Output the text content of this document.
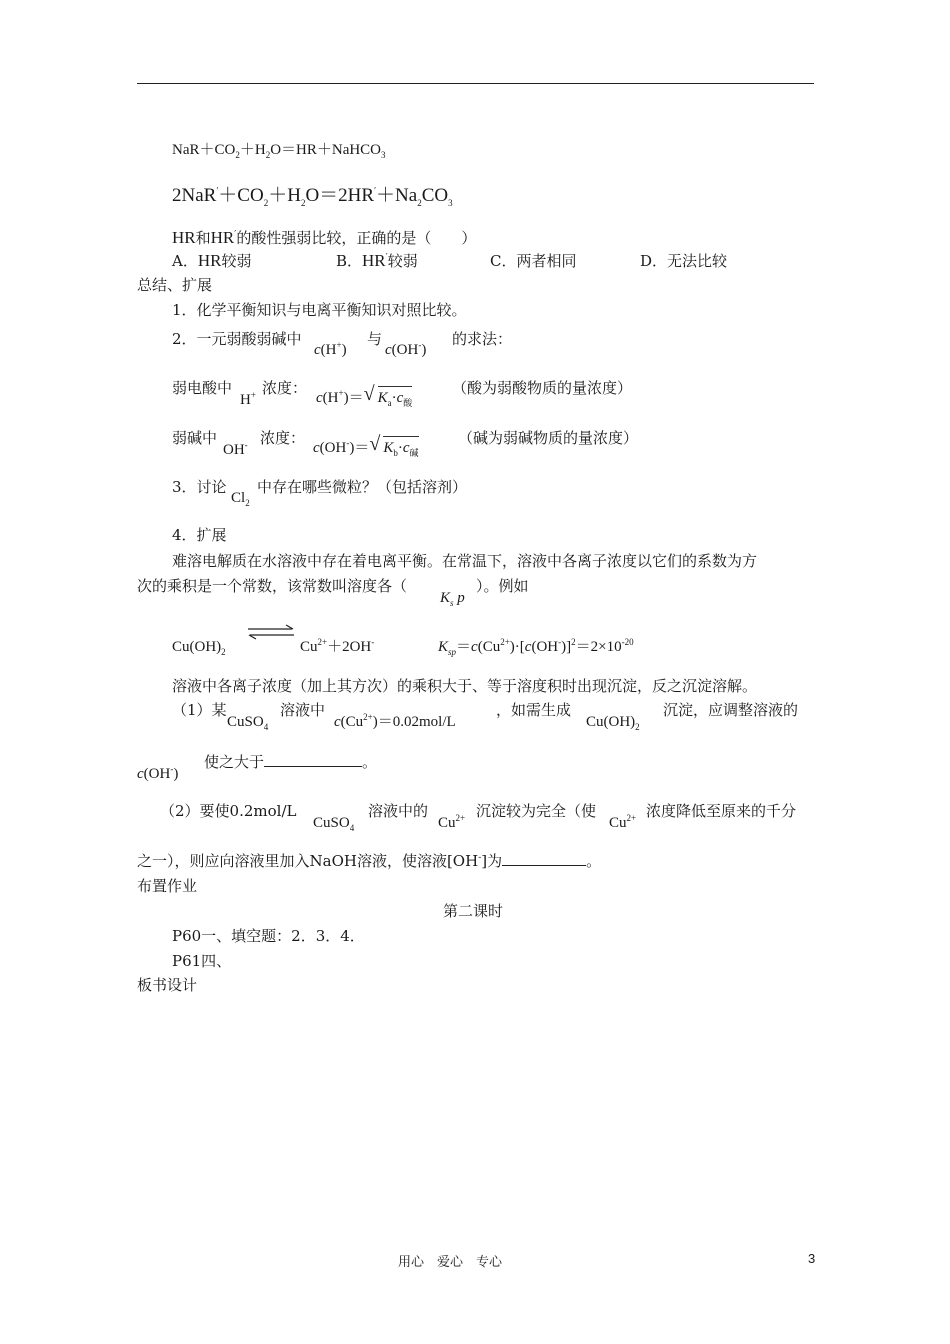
$NaR+CO_2+H_2O=HR+NaHCO_3$
$2NaR'+CO_2+H_2O=2HR'+Na_2CO_3$
HR和HR′的酸性强弱比较，正确的是（　　）
A．HR较弱	B．HR′较弱	C．两者相同	D．无法比较
总结、扩展
1．化学平衡知识与电离平衡知识对照比较。
2．一元弱酸弱碱中
c(H+)
与
c(OH-)
的求法：
弱电酸中
H+ 浓度：
c(H+)＝ √ $K_a\cdot c_酸$
（酸为弱酸物质的量浓度）
弱碱中
OH- 浓度：
c(OH-)＝ √ $K_b\cdot c_碱$
（碱为弱碱物质的量浓度）
3．讨论
$Cl_2$
中存在哪些微粒？（包括溶剂）
4．扩展
难溶电解质在水溶液中存在着电离平衡。在常温下，溶液中各离子浓度以它们的系数为方
次的乘积是一个常数，该常数叫溶度各（
$K_s$ p
）。例如
$Cu(OH)_2$	$Cu^{2+}+2OH^-$	$K_{sp}=c(Cu^{2+})\cdot[c(OH^-)]^2=2\times 10^{-20}$
溶液中各离子浓度（加上其方次）的乘积大于、等于溶度积时出现沉淀，反之沉淀溶解。
（1）某
CuSO$_4$
溶液中
$c(Cu^{2+})=0.02mol/L$
，如需生成
$Cu(OH)_2$
沉淀，应调整溶液的
c(OH-)
使之大于	。
（2）要使0.2mol/L
CuSO$_4$
溶液中的
$Cu^{2+}$ 沉淀较为完全（使
$Cu^{2+}$ 浓度降低至原来的千分
之一），则应向溶液里加入NaOH溶液，使溶液[OH-]为	。
布置作业
第二课时
P60一、填空题：2．3．4．
P61四、
板书设计
用心　爱心　专心	3
